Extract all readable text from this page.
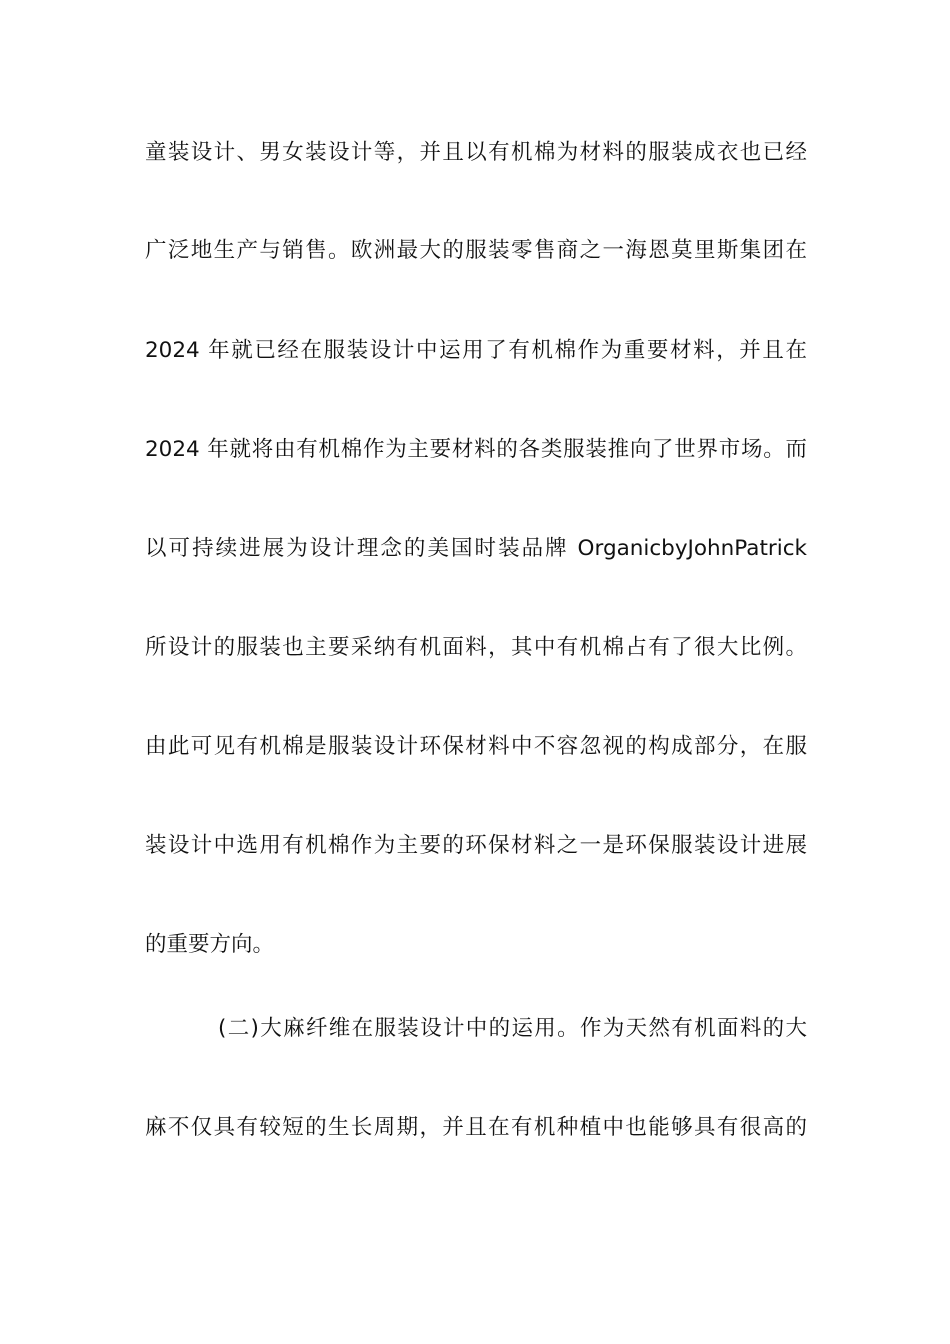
童装设计、男女装设计等，并且以有机棉为材料的服装成衣也已经
广泛地生产与销售。欧洲最大的服装零售商之一海恩莫里斯集团在
2024 年就已经在服装设计中运用了有机棉作为重要材料，并且在
2024 年就将由有机棉作为主要材料的各类服装推向了世界市场。而
以可持续进展为设计理念的美国时装品牌 OrganicbyJohnPatrick
所设计的服装也主要采纳有机面料，其中有机棉占有了很大比例。
由此可见有机棉是服装设计环保材料中不容忽视的构成部分，在服
装设计中选用有机棉作为主要的环保材料之一是环保服装设计进展
的重要方向。
(二)大麻纤维在服装设计中的运用。作为天然有机面料的大
麻不仅具有较短的生长周期，并且在有机种植中也能够具有很高的
